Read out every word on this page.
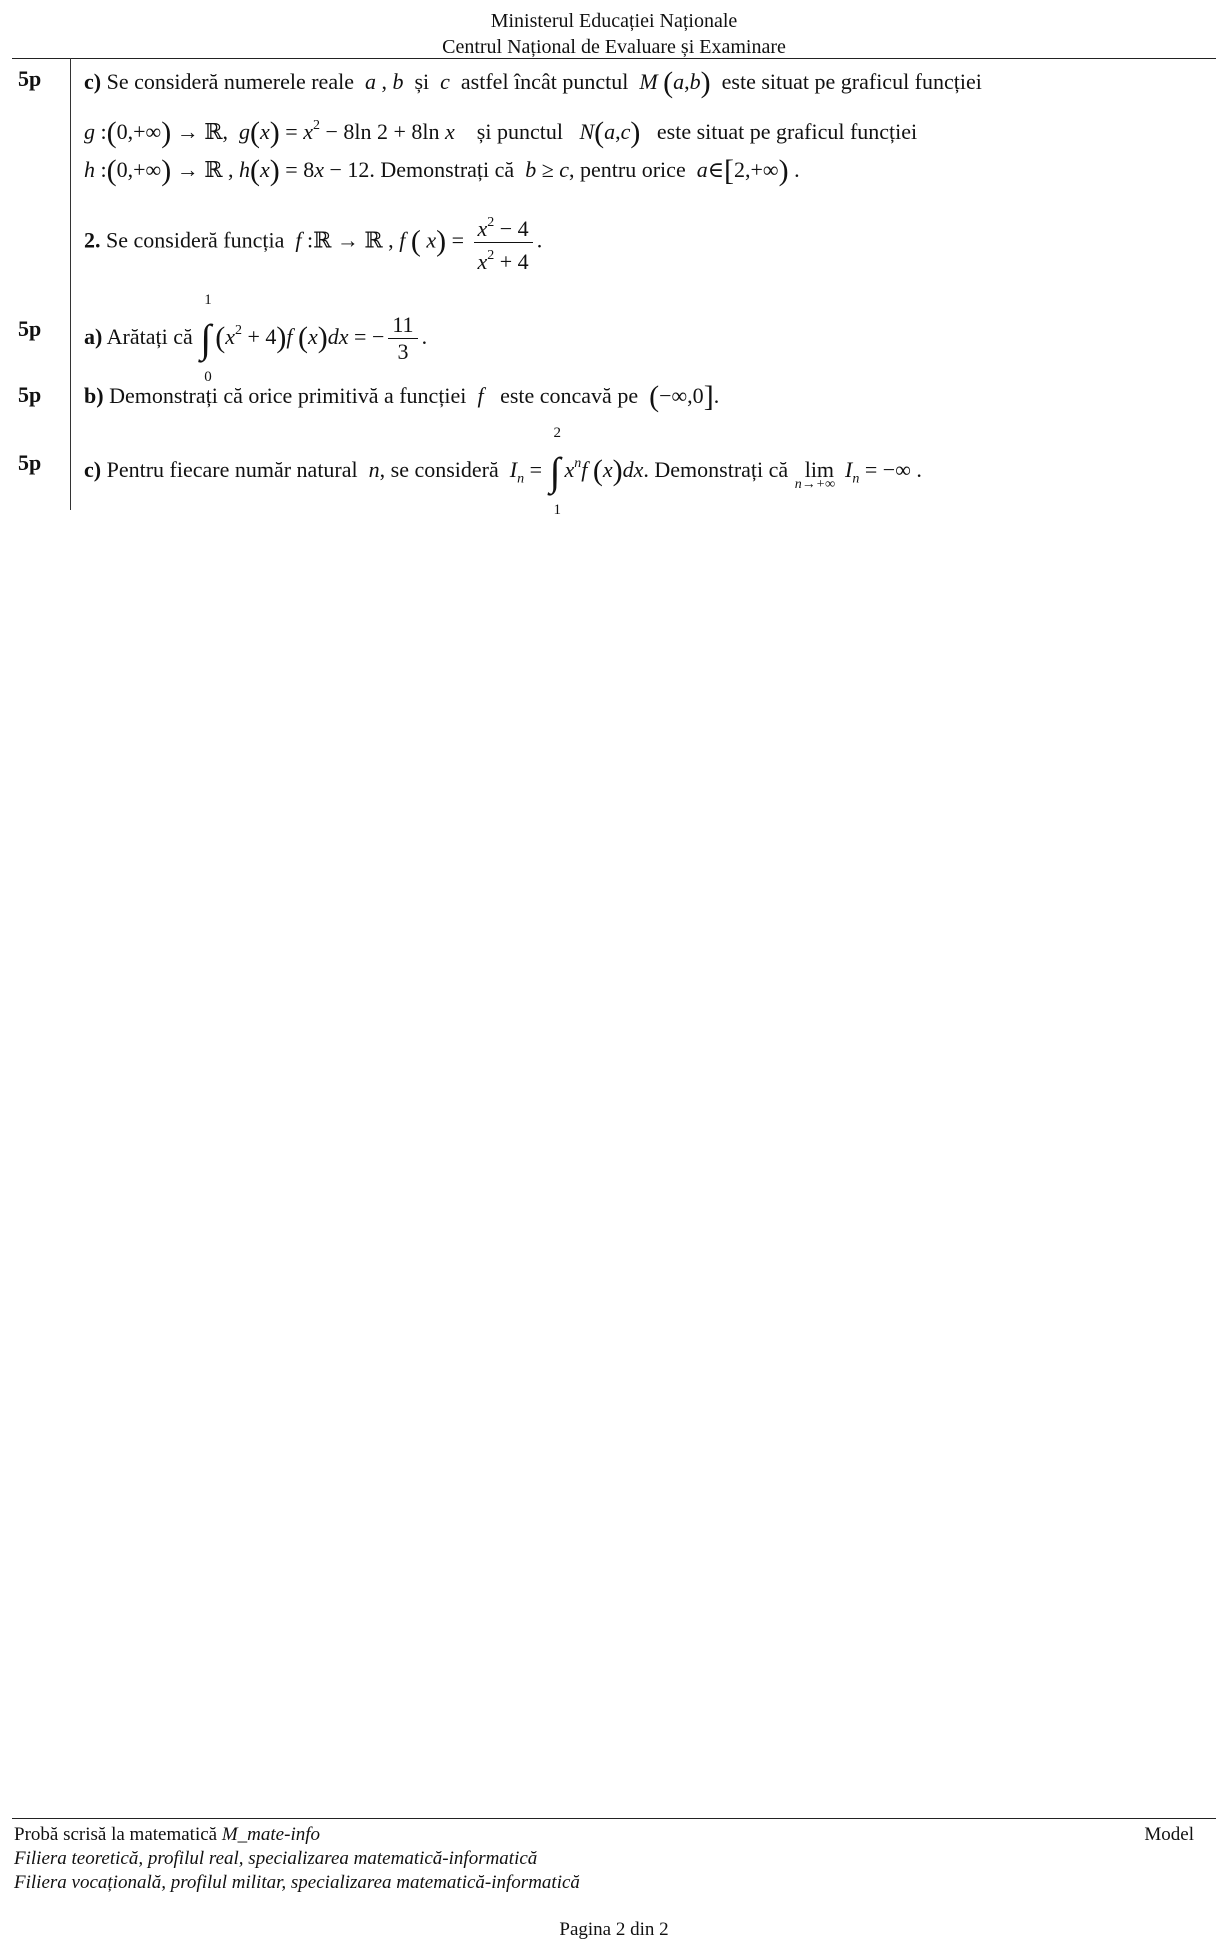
Ministerul Educației Naționale
Centrul Național de Evaluare și Examinare
5p c) Se consideră numerele reale  a , b  și  c astfel încât punctul  M (a,b) este situat pe graficul funcției
g :(0,+∞) → ℝ,  $g(x) = x^2 - 8\ln$ 2 + 8ln x și punctul N(a,c) este situat pe graficul funcției
h :(0,+∞) → ℝ , h(x) = 8x − 12. Demonstrați că  b ≥ c, pentru orice  a∈[2,+∞) .
2. Se consideră funcția f :ℝ → ℝ , f ( $x) = \frac{x^2 - 4}{x^2 + 4}$ .
5p a) Arătați că ∫
1
0
$(x^2 + 4)f$ (x)dx = − $\frac{11}{3}$ .
5p b) Demonstrați că orice primitivă a funcției f este concavă pe (−∞,0].
5p c) Pentru fiecare număr natural  n, se consideră  $I_n$ = ∫
2
1
$x^nf$ (x)dx. Demonstrați că lim
n→+∞
$I_n$ = −∞ .
Probă scrisă la matematică M_mate-info
Filiera teoretică, profilul real, specializarea matematică-informatică
Filiera vocațională, profilul militar, specializarea matematică-informatică
Model
Pagina 2 din 2
